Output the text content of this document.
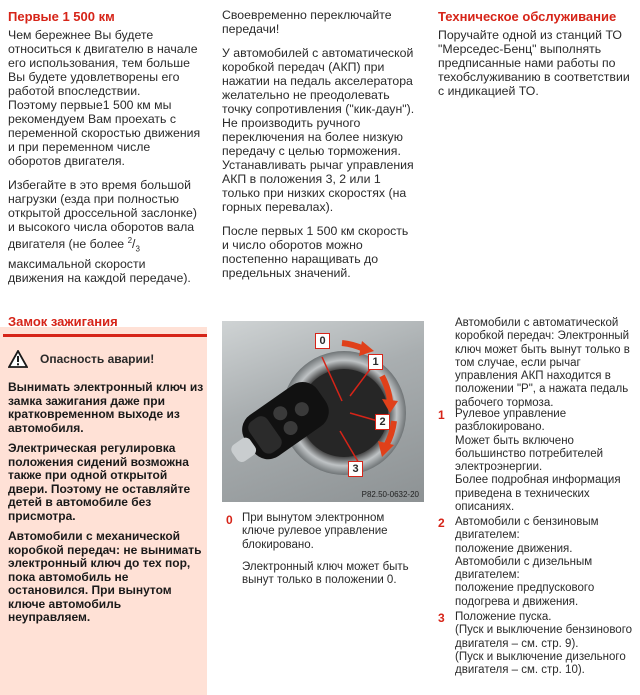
Первые 1 500 км

Чем бережнее Вы будете относиться к двигателю в начале его использования, тем больше Вы будете удовлетворены его работой впоследствии.

Поэтому первые1 500 км мы рекомендуем Вам проехать с переменной скоростью движения и при переменном числе оборотов двигателя.

Избегайте в это время большой нагрузки (езда при полностью открытой дроссельной заслонке) и высокого числа оборотов вала двигателя (не более $^2/_3$ максимальной скорости движения на каждой передаче).

Своевременно переключайте передачи!

У автомобилей с автоматической коробкой передач (АКП) при нажатии на педаль акселератора желательно не преодолевать точку сопротивления ("кик-даун"). Не производить ручного переключения на более низкую передачу с целью торможения.

Устанавливать рычаг управления АКП в положения 3, 2 или 1 только при низких скоростях (на горных перевалах).

После первых 1 500 км скорость и число оборотов можно постепенно наращивать до предельных значений.

Техническое обслуживание

Поручайте одной из станций ТО "Мерседес-Бенц" выполнять предписанные нами работы по техобслуживанию в соответствии с индикацией ТО.

Замок зажигания
Опасность аварии!

Вынимать электронный ключ из замка зажигания даже при кратковременном выходе из автомобиля.

Электрическая регулировка положения сидений возможна также при одной открытой двери. Поэтому не оставляйте детей в автомобиле без присмотра.

Автомобили с механической коробкой передач: не вынимать электронный ключ до тех пор, пока автомобиль не остановился. При вынутом ключе автомобиль неуправляем.

0
1
2
3
P82.50-0632-20
0 При вынутом электронном ключе рулевое управление блокировано.

Электронный ключ может быть вынут только в положении 0.

Автомобили с автоматической коробкой передач: Электронный ключ может быть вынут только в том случае, если рычаг управления АКП находится в положении "P", а нажата педаль рабочего тормоза.

1 Рулевое управление разблокировано.

Может быть включено большинство потребителей электроэнергии.

Более подробная информация приведена в технических описаниях.

2 Автомобили с бензиновым двигателем:

положение движения.

Автомобили с дизельным двигателем:

положение предпускового подогрева и движения.

3 Положение пуска.

(Пуск и выключение бензинового двигателя – см. стр. 9).

(Пуск и выключение дизельного двигателя – см. стр. 10).
